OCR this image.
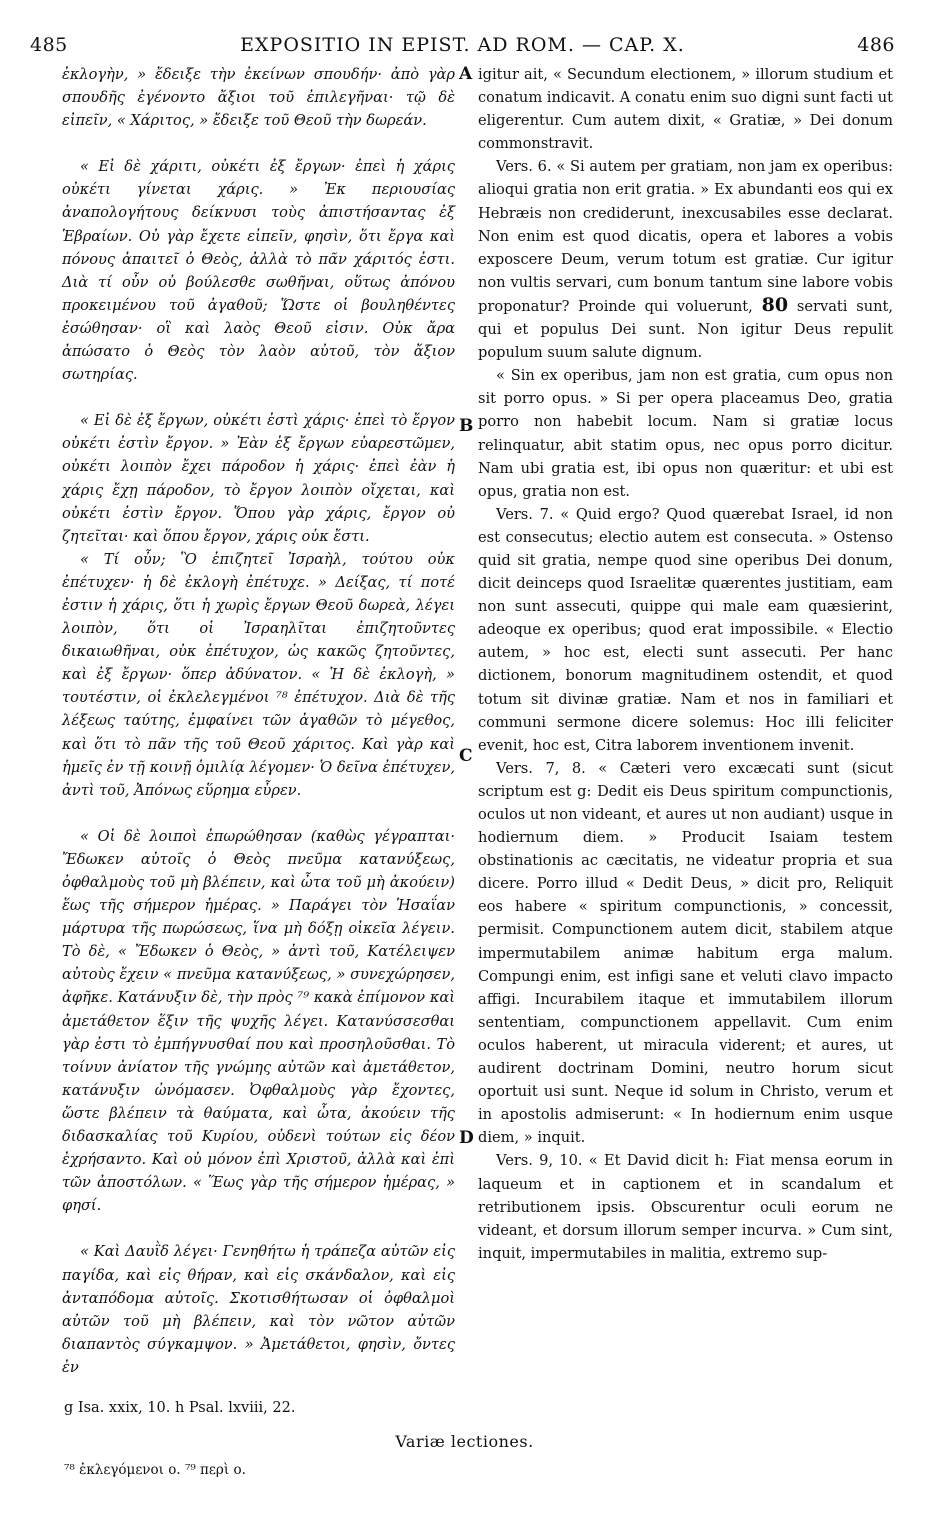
485	EXPOSITIO IN EPIST. AD ROM. — CAP. X.	486

ἐκλογὴν, » ἔδειξε τὴν ἐκείνων σπουδήν· ἀπὸ γὰρ σπουδῆς ἐγένοντο ἄξιοι τοῦ ἐπιλεγῆναι· τῷ δὲ εἰπεῖν, « Χάριτος, » ἔδειξε τοῦ Θεοῦ τὴν δωρεάν.

« Εἰ δὲ χάριτι, οὐκέτι ἐξ ἔργων· ἐπεὶ ἡ χάρις οὐκέτι γίνεται χάρις. » Ἐκ περιουσίας ἀναπολογήτους δείκνυσι τοὺς ἀπιστήσαντας ἐξ Ἑβραίων. Οὐ γὰρ ἔχετε εἰπεῖν, φησὶν, ὅτι ἔργα καὶ πόνους ἀπαιτεῖ ὁ Θεὸς, ἀλλὰ τὸ πᾶν χάριτός ἐστι. Διὰ τί οὖν οὐ βούλεσθε σωθῆναι, οὕτως ἀπόνου προκειμένου τοῦ ἀγαθοῦ; Ὥστε οἱ βουληθέντες ἐσώθησαν· οἳ καὶ λαὸς Θεοῦ εἰσιν. Οὐκ ἄρα ἀπώσατο ὁ Θεὸς τὸν λαὸν αὐτοῦ, τὸν ἄξιον σωτηρίας.

« Εἰ δὲ ἐξ ἔργων, οὐκέτι ἐστὶ χάρις· ἐπεὶ τὸ ἔργον οὐκέτι ἐστὶν ἔργον. » Ἐὰν ἐξ ἔργων εὐαρεστῶμεν, οὐκέτι λοιπὸν ἔχει πάροδον ἡ χάρις· ἐπεὶ ἐὰν ἡ χάρις ἔχῃ πάροδον, τὸ ἔργον λοιπὸν οἴχεται, καὶ οὐκέτι ἐστὶν ἔργον. Ὅπου γὰρ χάρις, ἔργον οὐ ζητεῖται· καὶ ὅπου ἔργον, χάρις οὐκ ἔστι.

« Τί οὖν; Ὃ ἐπιζητεῖ Ἰσραὴλ, τούτου οὐκ ἐπέτυχεν· ἡ δὲ ἐκλογὴ ἐπέτυχε. » Δείξας, τί ποτέ ἐστιν ἡ χάρις, ὅτι ἡ χωρὶς ἔργων Θεοῦ δωρεὰ, λέγει λοιπὸν, ὅτι οἱ Ἰσραηλῖται ἐπιζητοῦντες δικαιωθῆναι, οὐκ ἐπέτυχον, ὡς κακῶς ζητοῦντες, καὶ ἐξ ἔργων· ὅπερ ἀδύνατον. « Ἡ δὲ ἐκλογὴ, » τουτέστιν, οἱ ἐκλελεγμένοι ⁷⁸ ἐπέτυχον. Διὰ δὲ τῆς λέξεως ταύτης, ἐμφαίνει τῶν ἀγαθῶν τὸ μέγεθος, καὶ ὅτι τὸ πᾶν τῆς τοῦ Θεοῦ χάριτος. Καὶ γὰρ καὶ ἡμεῖς ἐν τῇ κοινῇ ὁμιλίᾳ λέγομεν· Ὁ δεῖνα ἐπέτυχεν, ἀντὶ τοῦ, Ἀπόνως εὕρημα εὗρεν.

« Οἱ δὲ λοιποὶ ἐπωρώθησαν (καθὼς γέγραπται· Ἔδωκεν αὐτοῖς ὁ Θεὸς πνεῦμα κατανύξεως, ὀφθαλμοὺς τοῦ μὴ βλέπειν, καὶ ὦτα τοῦ μὴ ἀκούειν) ἕως τῆς σήμερον ἡμέρας. » Παράγει τὸν Ἡσαΐαν μάρτυρα τῆς πωρώσεως, ἵνα μὴ δόξῃ οἰκεῖα λέγειν. Τὸ δὲ, « Ἔδωκεν ὁ Θεὸς, » ἀντὶ τοῦ, Κατέλειψεν αὐτοὺς ἔχειν « πνεῦμα κατανύξεως, » συνεχώρησεν, ἀφῆκε. Κατάνυξιν δὲ, τὴν πρὸς ⁷⁹ κακὰ ἐπίμονον καὶ ἀμετάθετον ἕξιν τῆς ψυχῆς λέγει. Κατανύσσεσθαι γὰρ ἐστι τὸ ἐμπήγνυσθαί που καὶ προσηλοῦσθαι. Τὸ τοίνυν ἀνίατον τῆς γνώμης αὐτῶν καὶ ἀμετάθετον, κατάνυξιν ὠνόμασεν. Ὀφθαλμοὺς γὰρ ἔχοντες, ὥστε βλέπειν τὰ θαύματα, καὶ ὦτα, ἀκούειν τῆς διδασκαλίας τοῦ Κυρίου, οὐδενὶ τούτων εἰς δέον ἐχρήσαντο. Καὶ οὐ μόνον ἐπὶ Χριστοῦ, ἀλλὰ καὶ ἐπὶ τῶν ἀποστόλων. « Ἕως γὰρ τῆς σήμερον ἡμέρας, » φησί.

« Καὶ Δαυῒδ λέγει· Γενηθήτω ἡ τράπεζα αὐτῶν εἰς παγίδα, καὶ εἰς θήραν, καὶ εἰς σκάνδαλον, καὶ εἰς ἀνταπόδομα αὐτοῖς. Σκοτισθήτωσαν οἱ ὀφθαλμοὶ αὐτῶν τοῦ μὴ βλέπειν, καὶ τὸν νῶτον αὐτῶν διαπαντὸς σύγκαμψον. » Ἀμετάθετοι, φησὶν, ὄντες ἐν

A
B
C
D

igitur ait, « Secundum electionem, » illorum studium et conatum indicavit. A conatu enim suo digni sunt facti ut eligerentur. Cum autem dixit, « Gratiæ, » Dei donum commonstravit.

Vers. 6. « Si autem per gratiam, non jam ex operibus: alioqui gratia non erit gratia. » Ex abundanti eos qui ex Hebræis non crediderunt, inexcusabiles esse declarat. Non enim est quod dicatis, opera et labores a vobis exposcere Deum, verum totum est gratiæ. Cur igitur non vultis servari, cum bonum tantum sine labore vobis proponatur? Proinde qui voluerunt, 80 servati sunt, qui et populus Dei sunt. Non igitur Deus repulit populum suum salute dignum.

« Sin ex operibus, jam non est gratia, cum opus non sit porro opus. » Si per opera placeamus Deo, gratia porro non habebit locum. Nam si gratiæ locus relinquatur, abit statim opus, nec opus porro dicitur. Nam ubi gratia est, ibi opus non quæritur: et ubi est opus, gratia non est.

Vers. 7. « Quid ergo? Quod quærebat Israel, id non est consecutus; electio autem est consecuta. » Ostenso quid sit gratia, nempe quod sine operibus Dei donum, dicit deinceps quod Israelitæ quærentes justitiam, eam non sunt assecuti, quippe qui male eam quæsierint, adeoque ex operibus; quod erat impossibile. « Electio autem, » hoc est, electi sunt assecuti. Per hanc dictionem, bonorum magnitudinem ostendit, et quod totum sit divinæ gratiæ. Nam et nos in familiari et communi sermone dicere solemus: Hoc illi feliciter evenit, hoc est, Citra laborem inventionem invenit.

Vers. 7, 8. « Cæteri vero excæcati sunt (sicut scriptum est g: Dedit eis Deus spiritum compunctionis, oculos ut non videant, et aures ut non audiant) usque in hodiernum diem. » Producit Isaiam testem obstinationis ac cæcitatis, ne videatur propria et sua dicere. Porro illud « Dedit Deus, » dicit pro, Reliquit eos habere « spiritum compunctionis, » concessit, permisit. Compunctionem autem dicit, stabilem atque impermutabilem animæ habitum erga malum. Compungi enim, est infigi sane et veluti clavo impacto affigi. Incurabilem itaque et immutabilem illorum sententiam, compunctionem appellavit. Cum enim oculos haberent, ut miracula viderent; et aures, ut audirent doctrinam Domini, neutro horum sicut oportuit usi sunt. Neque id solum in Christo, verum et in apostolis admiserunt: « In hodiernum enim usque diem, » inquit.

Vers. 9, 10. « Et David dicit h: Fiat mensa eorum in laqueum et in captionem et in scandalum et retributionem ipsis. Obscurentur oculi eorum ne videant, et dorsum illorum semper incurva. » Cum sint, inquit, impermutabiles in malitia, extremo sup-

g Isa. xxix, 10. h Psal. lxviii, 22.
Variæ lectiones.
⁷⁸ ἐκλεγόμενοι ο. ⁷⁹ περὶ ο.
